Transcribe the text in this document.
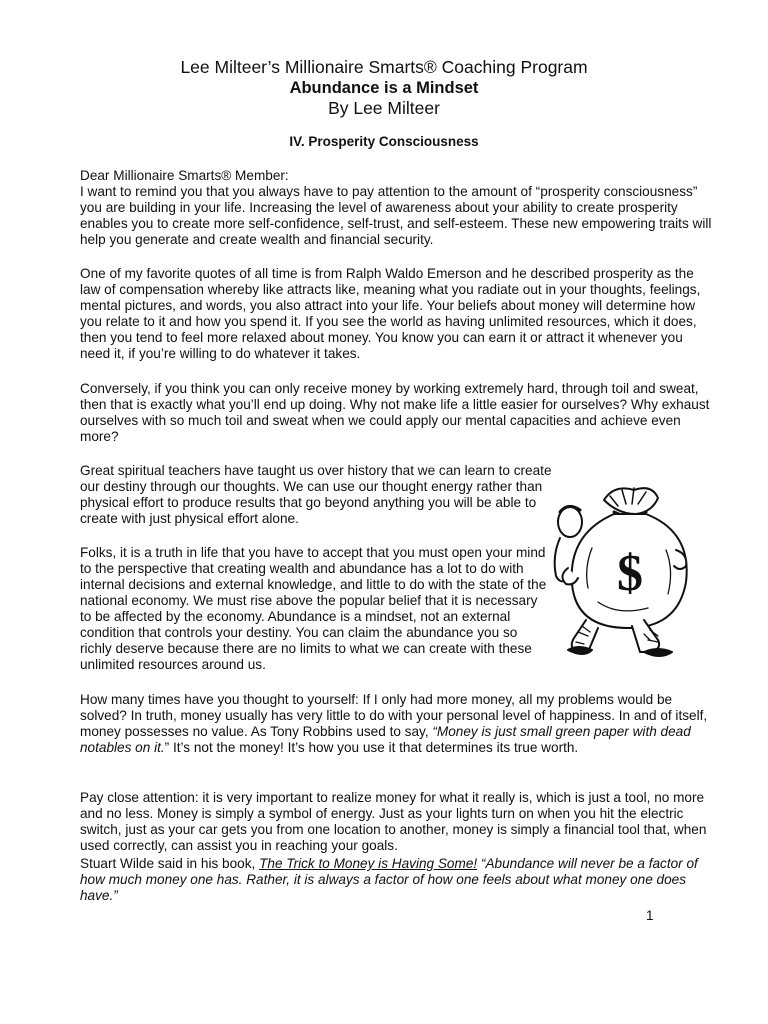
Lee Milteer’s Millionaire Smarts® Coaching Program
Abundance is a Mindset
By Lee Milteer
IV. Prosperity Consciousness

Dear Millionaire Smarts® Member:

I want to remind you that you always have to pay attention to the amount of “prosperity consciousness” you are building in your life. Increasing the level of awareness about your ability to create prosperity enables you to create more self-confidence, self-trust, and self-esteem. These new empowering traits will help you generate and create wealth and financial security.

One of my favorite quotes of all time is from Ralph Waldo Emerson and he described prosperity as the law of compensation whereby like attracts like, meaning what you radiate out in your thoughts, feelings, mental pictures, and words, you also attract into your life. Your beliefs about money will determine how you relate to it and how you spend it. If you see the world as having unlimited resources, which it does, then you tend to feel more relaxed about money. You know you can earn it or attract it whenever you need it, if you’re willing to do whatever it takes.

Conversely, if you think you can only receive money by working extremely hard, through toil and sweat, then that is exactly what you’ll end up doing. Why not make life a little easier for ourselves? Why exhaust ourselves with so much toil and sweat when we could apply our mental capacities and achieve even more?

Great spiritual teachers have taught us over history that we can learn to create our destiny through our thoughts. We can use our thought energy rather than physical effort to produce results that go beyond anything you will be able to create with just physical effort alone.

Folks, it is a truth in life that you have to accept that you must open your mind to the perspective that creating wealth and abundance has a lot to do with internal decisions and external knowledge, and little to do with the state of the national economy. We must rise above the popular belief that it is necessary to be affected by the economy. Abundance is a mindset, not an external condition that controls your destiny. You can claim the abundance you so richly deserve because there are no limits to what we can create with these unlimited resources around us.

How many times have you thought to yourself: If I only had more money, all my problems would be solved? In truth, money usually has very little to do with your personal level of happiness. In and of itself, money possesses no value. As Tony Robbins used to say, “Money is just small green paper with dead notables on it.” It’s not the money! It’s how you use it that determines its true worth.

Pay close attention: it is very important to realize money for what it really is, which is just a tool, no more and no less. Money is simply a symbol of energy. Just as your lights turn on when you hit the electric switch, just as your car gets you from one location to another, money is simply a financial tool that, when used correctly, can assist you in reaching your goals.

Stuart Wilde said in his book, The Trick to Money is Having Some! “Abundance will never be a factor of how much money one has. Rather, it is always a factor of how one feels about what money one does have.”

1
$
